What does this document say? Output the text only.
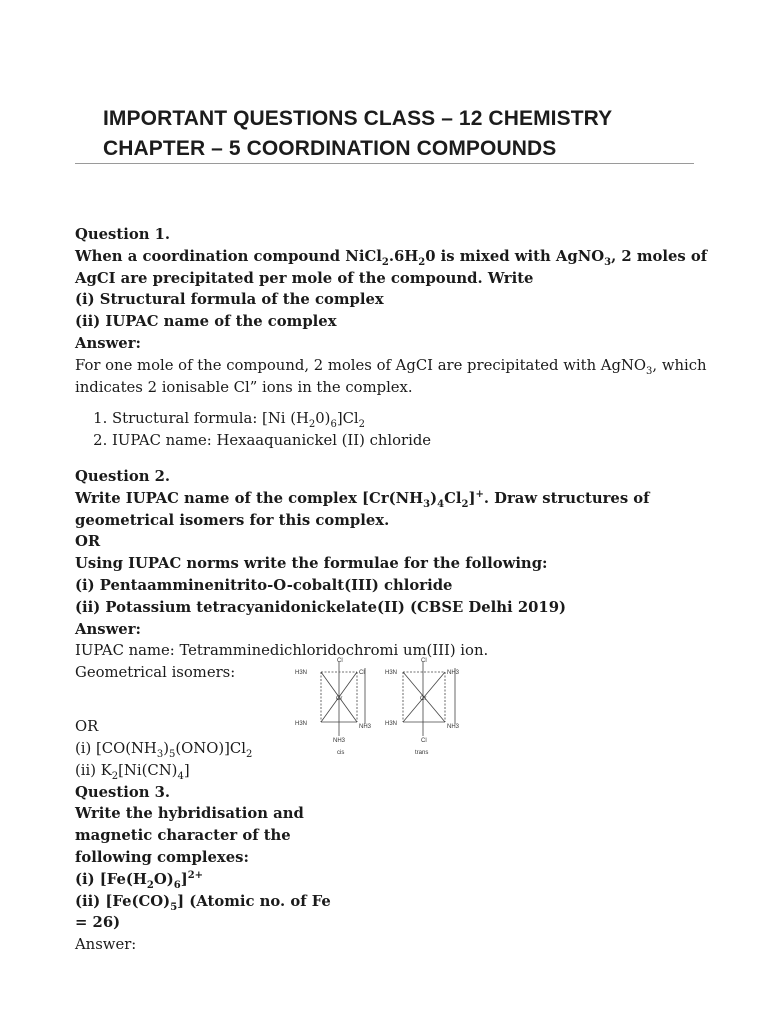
IMPORTANT QUESTIONS CLASS – 12 CHEMISTRY
CHAPTER – 5 COORDINATION COMPOUNDS
Question 1.
When a coordination compound $NiCl_2.6H_20$ is mixed with AgNO$_3$, 2 moles of
AgCI are precipitated per mole of the compound. Write
(i) Structural formula of the complex
(ii) IUPAC name of the complex
Answer:
For one mole of the compound, 2 moles of AgCI are precipitated with AgNO$_3$, which
indicates 2 ionisable Cl” ions in the complex.
1. Structural formula: [Ni $(H_20)_6]Cl_2$
2. IUPAC name: Hexaaquanickel (II) chloride
Question 2.
Write IUPAC name of the complex $[Cr(NH_3)_4Cl_2]^+$. Draw structures of
geometrical isomers for this complex.
OR
Using IUPAC norms write the formulae for the following:
(i) Pentaamminenitrito-O-cobalt(III) chloride
(ii) Potassium tetracyanidonickelate(II) (CBSE Delhi 2019)
Answer:
IUPAC name: Tetramminedichloridochromi um(III) ion.
Geometrical isomers:
Cl
H3N	Cl
Cr
H3N	NH3
NH3
cis
Cl
H3N	NH3
Cr
H3N	NH3
Cl
trans
OR
(i) $[CO(NH_3)_5(ONO)]Cl_2$
(ii) $K_2[Ni(CN)_4]$
Question 3.
Write the hybridisation and
magnetic character of the
following complexes:
(i) $[Fe(H_2O)_6]^{2+}$
(ii) $[Fe(CO)_5]$ (Atomic no. of Fe
= 26)
Answer:
